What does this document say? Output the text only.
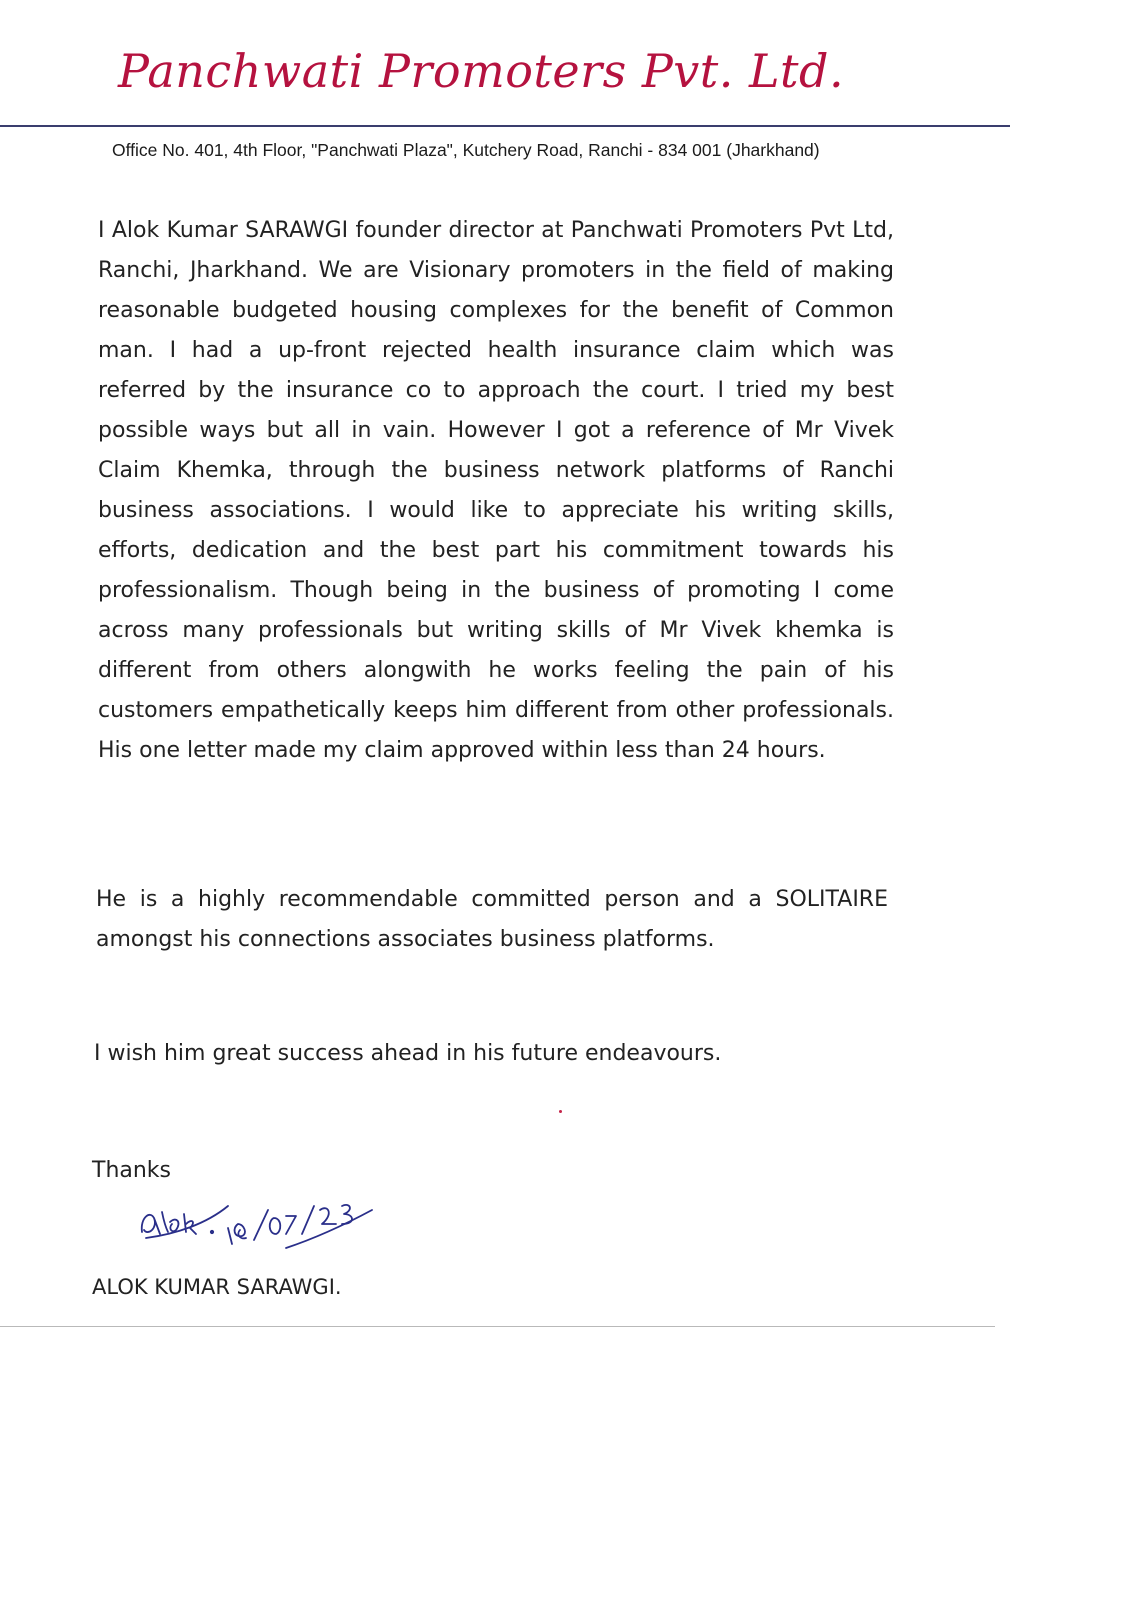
Panchwati Promoters Pvt. Ltd.
Office No. 401, 4th Floor, "Panchwati Plaza", Kutchery Road, Ranchi - 834 001 (Jharkhand)

I Alok Kumar SARAWGI founder director at Panchwati Promoters Pvt Ltd, Ranchi, Jharkhand. We are Visionary promoters in the field of making reasonable budgeted housing complexes for the benefit of Common man. I had a up-front rejected health insurance claim which was referred by the insurance co to approach the court. I tried my best possible ways but all in vain. However I got a reference of Mr Vivek Claim Khemka, through the business network platforms of Ranchi business associations. I would like to appreciate his writing skills, efforts, dedication and the best part his commitment towards his professionalism. Though being in the business of promoting I come across many professionals but writing skills of Mr Vivek khemka is different from others alongwith he works feeling the pain of his customers empathetically keeps him different from other professionals. His one letter made my claim approved within less than 24 hours.

He is a highly recommendable committed person and a SOLITAIRE amongst his connections associates business platforms.

I wish him great success ahead in his future endeavours.

Thanks
ALOK KUMAR SARAWGI.
